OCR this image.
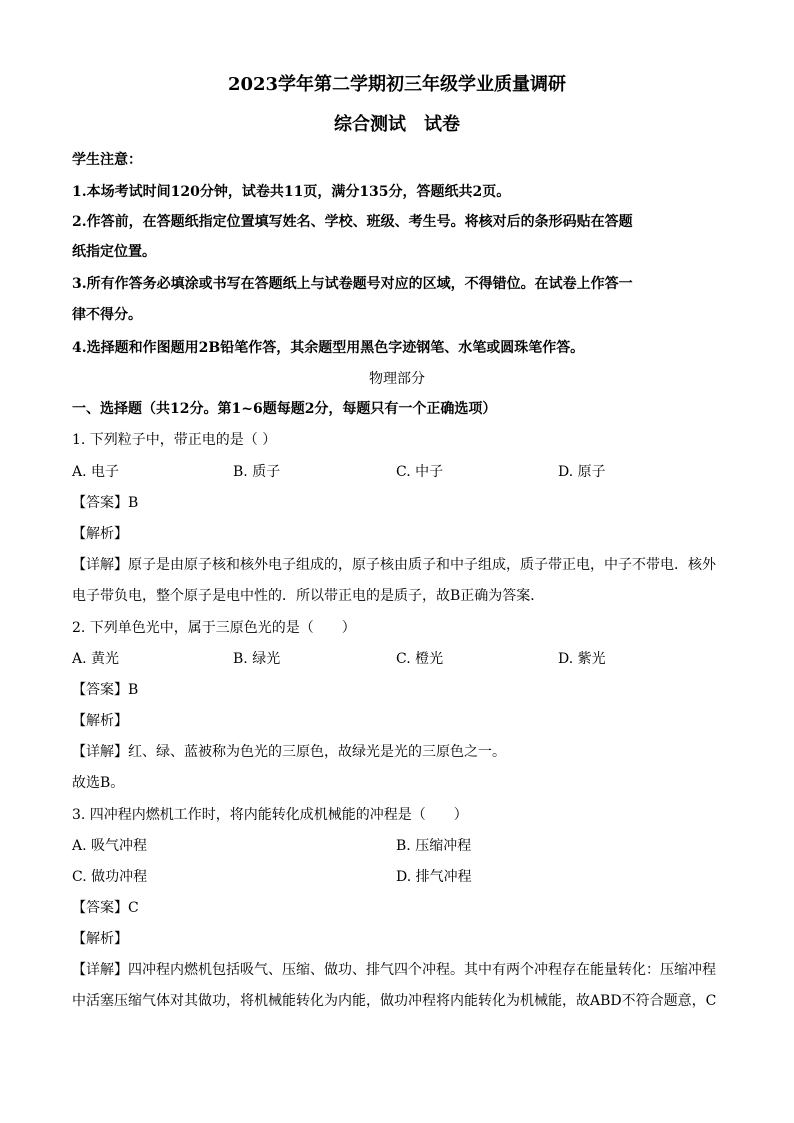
2023学年第二学期初三年级学业质量调研
综合测试　试卷
学生注意：
1.本场考试时间120分钟，试卷共11页，满分135分，答题纸共2页。
2.作答前，在答题纸指定位置填写姓名、学校、班级、考生号。将核对后的条形码贴在答题
纸指定位置。
3.所有作答务必填涂或书写在答题纸上与试卷题号对应的区域，不得错位。在试卷上作答一
律不得分。
4.选择题和作图题用2B铅笔作答，其余题型用黑色字迹钢笔、水笔或圆珠笔作答。
物理部分
一、选择题（共12分。第1~6题每题2分，每题只有一个正确选项）
1. 下列粒子中，带正电的是（ ）
A. 电子	B. 质子	C. 中子	D. 原子
【答案】B
【解析】
【详解】原子是由原子核和核外电子组成的，原子核由质子和中子组成，质子带正电，中子不带电．核外
电子带负电，整个原子是电中性的．所以带正电的是质子，故B正确为答案．
2. 下列单色光中，属于三原色光的是（　　）
A. 黄光	B. 绿光	C. 橙光	D. 紫光
【答案】B
【解析】
【详解】红、绿、蓝被称为色光的三原色，故绿光是光的三原色之一。
故选B。
3. 四冲程内燃机工作时，将内能转化成机械能的冲程是（　　）
A. 吸气冲程	B. 压缩冲程
C. 做功冲程	D. 排气冲程
【答案】C
【解析】
【详解】四冲程内燃机包括吸气、压缩、做功、排气四个冲程。其中有两个冲程存在能量转化：压缩冲程
中活塞压缩气体对其做功，将机械能转化为内能，做功冲程将内能转化为机械能，故ABD不符合题意，C
